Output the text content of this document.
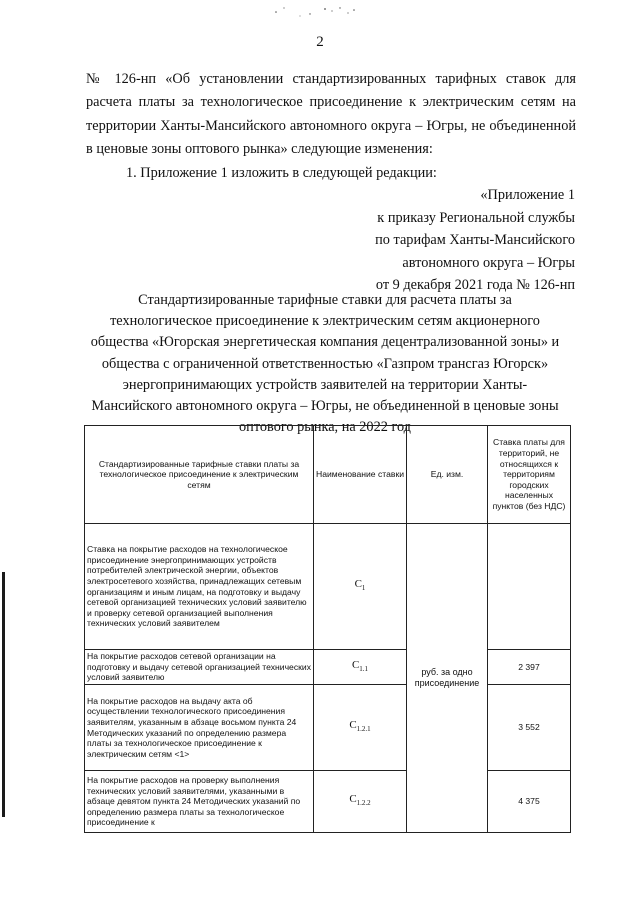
2

№ 126-нп «Об установлении стандартизированных тарифных ставок для расчета платы за технологическое присоединение к электрическим сетям на территории Ханты-Мансийского автономного округа – Югры, не объединенной в ценовые зоны оптового рынка» следующие изменения:

1. Приложение 1 изложить в следующей редакции:

«Приложение 1
к приказу Региональной службы
по тарифам Ханты-Мансийского
автономного округа – Югры
от 9 декабря 2021 года № 126-нп
Стандартизированные тарифные ставки для расчета платы за технологическое присоединение к электрическим сетям акционерного общества «Югорская энергетическая компания децентрализованной зоны» и общества с ограниченной ответственностью «Газпром трансгаз Югорск» энергопринимающих устройств заявителей на территории Ханты-Мансийского автономного округа – Югры, не объединенной в ценовые зоны оптового рынка, на 2022 год
Стандартизированные тарифные ставки платы за технологическое присоединение к электрическим сетям	Наименование ставки	Ед. изм.	Ставка платы для территорий, не относящихся к территориям городских населенных пунктов (без НДС)
Ставка на покрытие расходов на технологическое присоединение энергопринимающих устройств потребителей электрической энергии, объектов электросетевого хозяйства, принадлежащих сетевым организациям и иным лицам, на подготовку и выдачу сетевой организацией технических условий заявителю и проверку сетевой организацией выполнения технических условий заявителем	$C_1$	руб. за одно присоединение	
На покрытие расходов сетевой организации на подготовку и выдачу сетевой организацией технических условий заявителю	$C_{1.1}$		2 397
На покрытие расходов на выдачу акта об осуществлении технологического присоединения заявителям, указанным в абзаце восьмом пункта 24 Методических указаний по определению размера платы за технологическое присоединение к электрическим сетям <1>	$C_{1.2.1}$		3 552
На покрытие расходов на проверку выполнения технических условий заявителями, указанными в абзаце девятом пункта 24 Методических указаний по определению размера платы за технологическое присоединение к	$C_{1.2.2}$		4 375
